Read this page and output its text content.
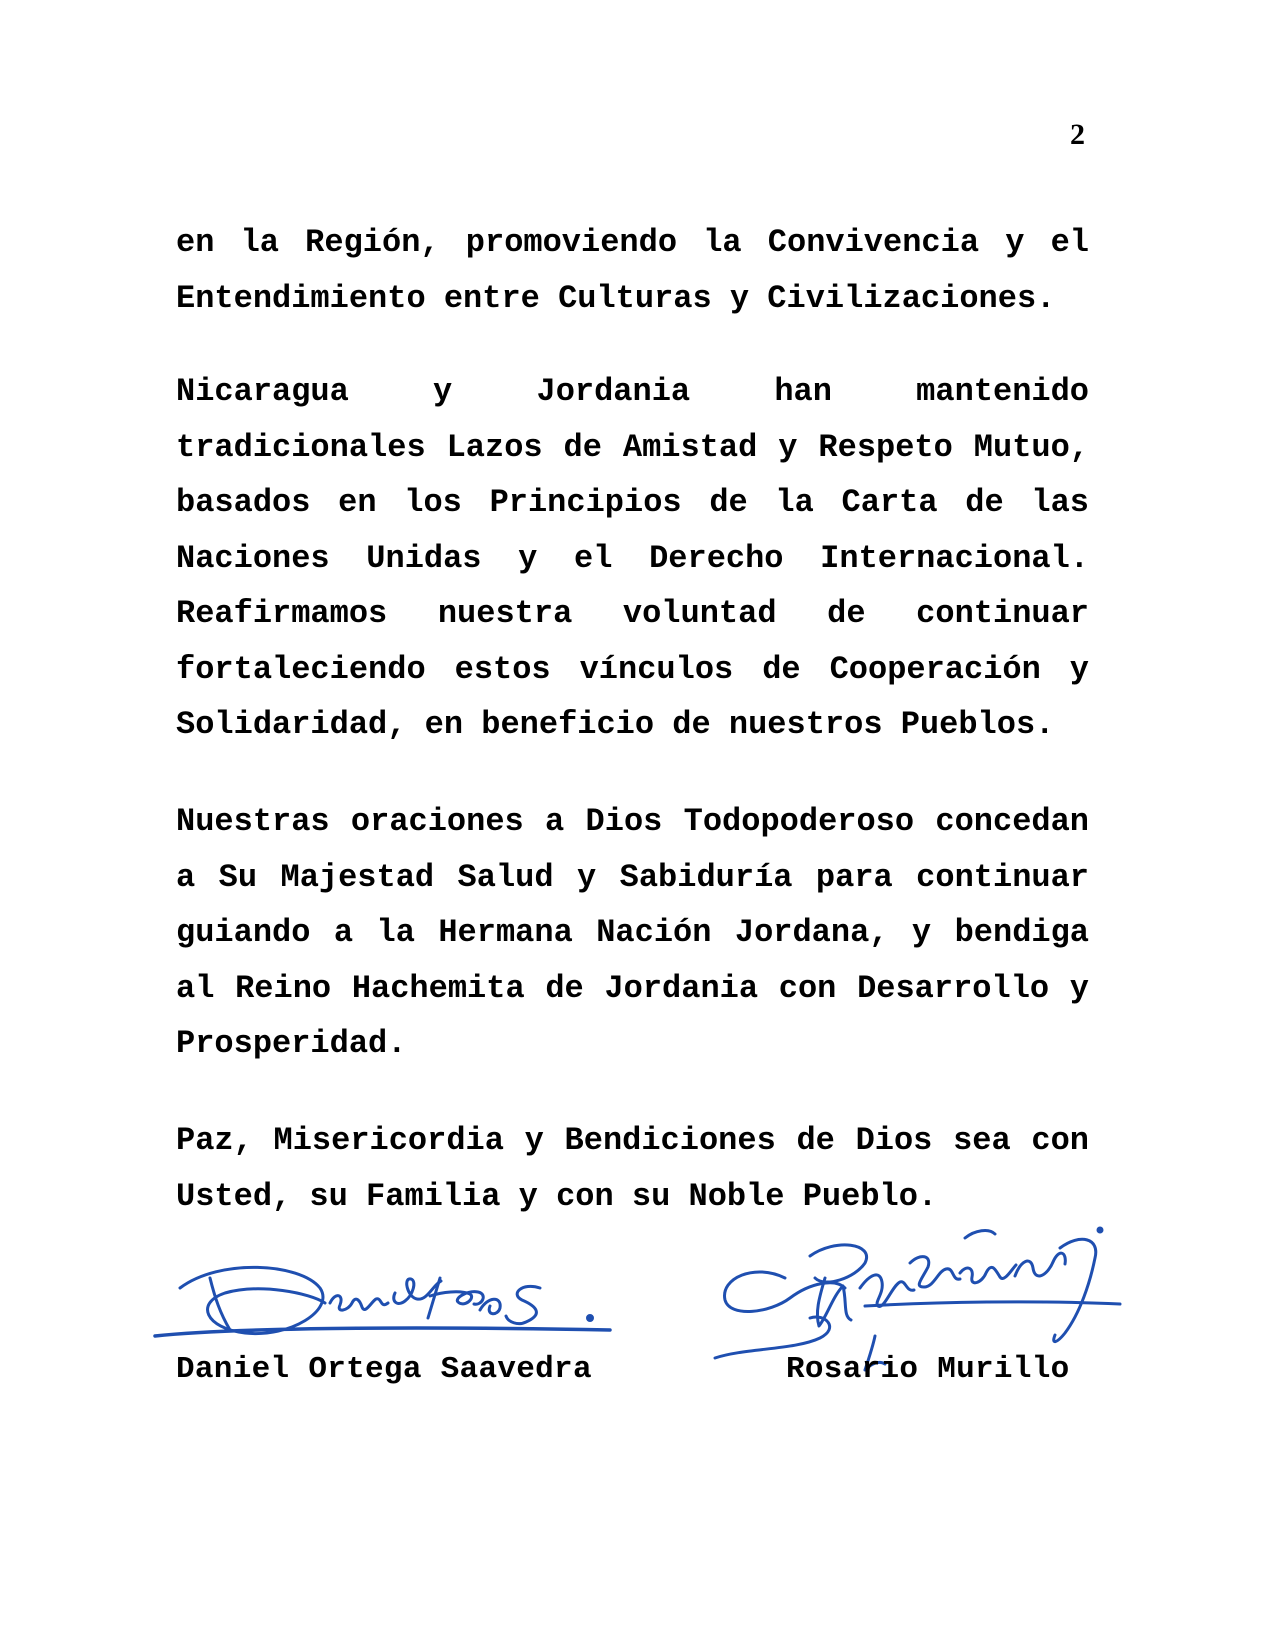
2

en la Región, promoviendo la Convivencia y el Entendimiento entre Culturas y Civilizaciones.

Nicaragua y Jordania han mantenido tradicionales Lazos de Amistad y Respeto Mutuo, basados en los Principios de la Carta de las Naciones Unidas y el Derecho Internacional. Reafirmamos nuestra voluntad de continuar fortaleciendo estos vínculos de Cooperación y Solidaridad, en beneficio de nuestros Pueblos.

Nuestras oraciones a Dios Todopoderoso concedan a Su Majestad Salud y Sabiduría para continuar guiando a la Hermana Nación Jordana, y bendiga al Reino Hachemita de Jordania con Desarrollo y Prosperidad.

Paz, Misericordia y Bendiciones de Dios sea con Usted, su Familia y con su Noble Pueblo.

Daniel Ortega Saavedra	Rosario Murillo
